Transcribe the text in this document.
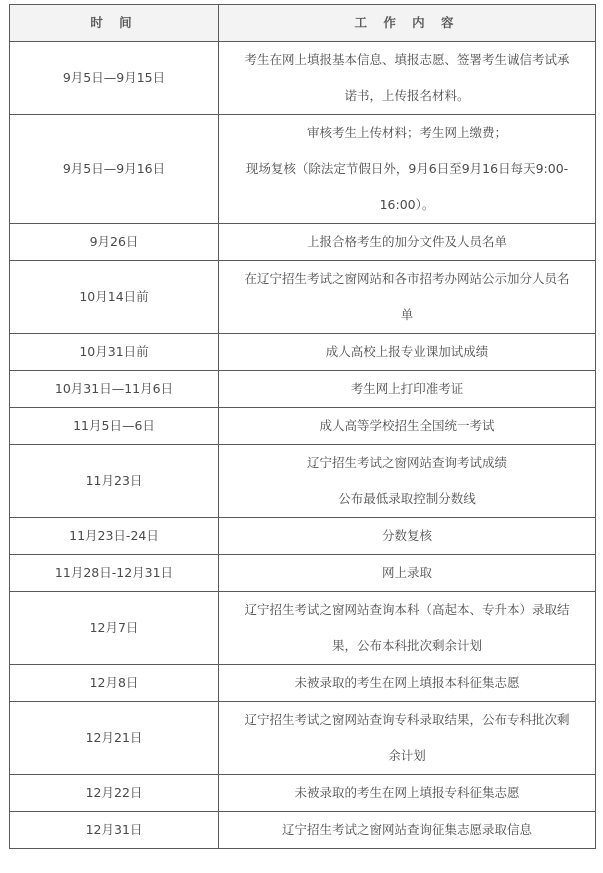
时 间	工 作 内 容
9月5日—9月15日	考生在网上填报基本信息、填报志愿、签署考生诚信考试承
诺书，上传报名材料。

9月5日—9月16日	审核考生上传材料；考生网上缴费；
现场复核（除法定节假日外，9月6日至9月16日每天9:00-
16:00）。

9月26日	上报合格考生的加分文件及人员名单

10月14日前	在辽宁招生考试之窗网站和各市招考办网站公示加分人员名
单

10月31日前	成人高校上报专业课加试成绩

10月31日—11月6日	考生网上打印准考证

11月5日—6日	成人高等学校招生全国统一考试

11月23日	辽宁招生考试之窗网站查询考试成绩
公布最低录取控制分数线

11月23日-24日	分数复核

11月28日-12月31日	网上录取

12月7日	辽宁招生考试之窗网站查询本科（高起本、专升本）录取结
果，公布本科批次剩余计划

12月8日	未被录取的考生在网上填报本科征集志愿

12月21日	辽宁招生考试之窗网站查询专科录取结果，公布专科批次剩
余计划

12月22日	未被录取的考生在网上填报专科征集志愿

12月31日	辽宁招生考试之窗网站查询征集志愿录取信息
